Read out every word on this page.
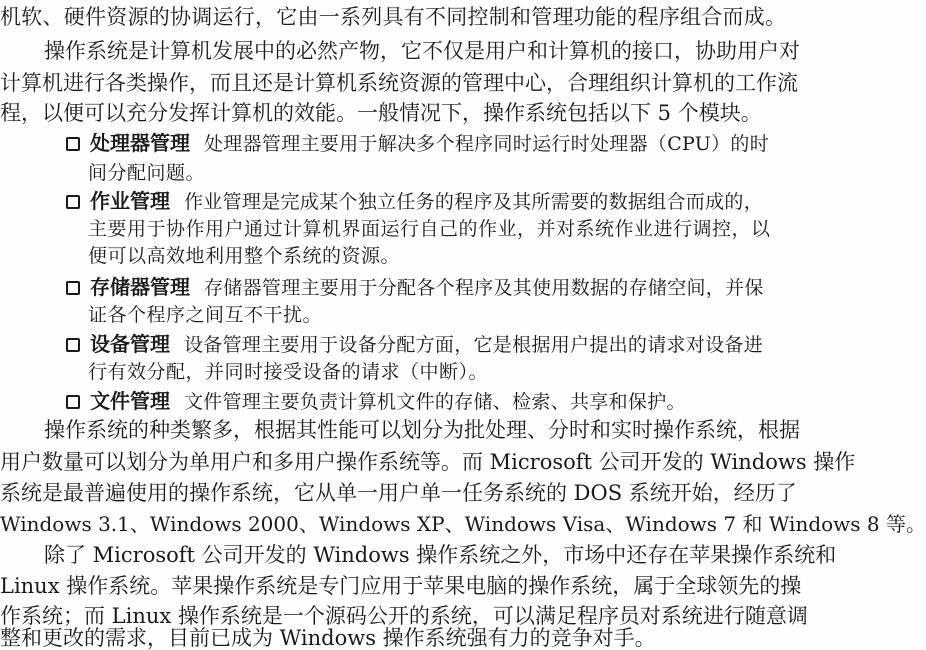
机软、硬件资源的协调运行，它由一系列具有不同控制和管理功能的程序组合而成。
操作系统是计算机发展中的必然产物，它不仅是用户和计算机的接口，协助用户对
计算机进行各类操作，而且还是计算机系统资源的管理中心，合理组织计算机的工作流
程，以便可以充分发挥计算机的效能。一般情况下，操作系统包括以下 5 个模块。
处理器管理 处理器管理主要用于解决多个程序同时运行时处理器（CPU）的时
间分配问题。
作业管理 作业管理是完成某个独立任务的程序及其所需要的数据组合而成的，
主要用于协作用户通过计算机界面运行自己的作业，并对系统作业进行调控，以
便可以高效地利用整个系统的资源。
存储器管理 存储器管理主要用于分配各个程序及其使用数据的存储空间，并保
证各个程序之间互不干扰。
设备管理 设备管理主要用于设备分配方面，它是根据用户提出的请求对设备进
行有效分配，并同时接受设备的请求（中断）。
文件管理 文件管理主要负责计算机文件的存储、检索、共享和保护。
操作系统的种类繁多，根据其性能可以划分为批处理、分时和实时操作系统，根据
用户数量可以划分为单用户和多用户操作系统等。而 Microsoft 公司开发的 Windows 操作
系统是最普遍使用的操作系统，它从单一用户单一任务系统的 DOS 系统开始，经历了
Windows 3.1、Windows 2000、Windows XP、Windows Visa、Windows 7 和 Windows 8 等。
除了 Microsoft 公司开发的 Windows 操作系统之外，市场中还存在苹果操作系统和
Linux 操作系统。苹果操作系统是专门应用于苹果电脑的操作系统，属于全球领先的操
作系统；而 Linux 操作系统是一个源码公开的系统，可以满足程序员对系统进行随意调
整和更改的需求，目前已成为 Windows 操作系统强有力的竞争对手。
